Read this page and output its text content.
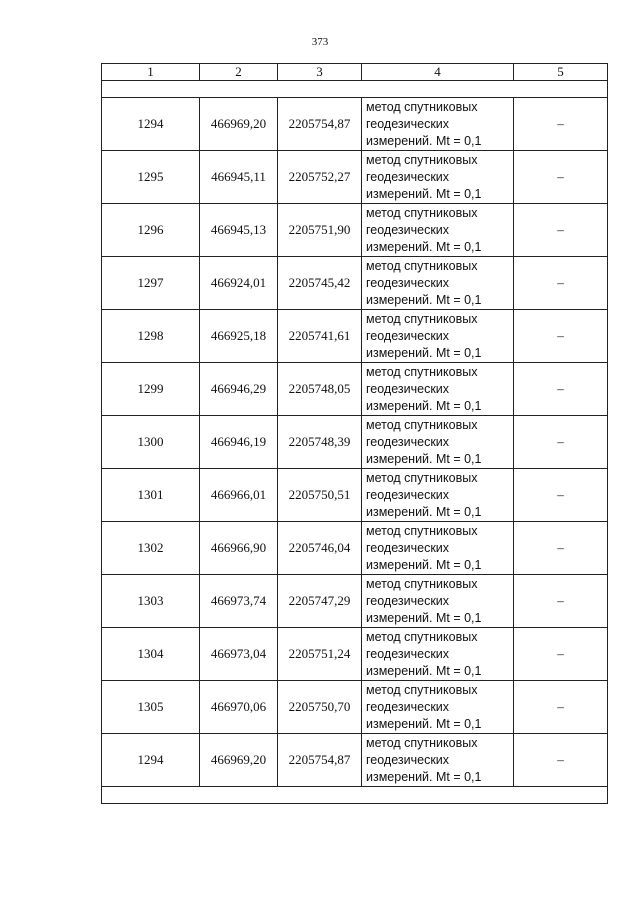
373
1	2	3	4	5

1294	466969,20	2205754,87	метод спутниковых
геодезических
измерений. Mt = 0,1	–
1295	466945,11	2205752,27	метод спутниковых
геодезических
измерений. Mt = 0,1	–
1296	466945,13	2205751,90	метод спутниковых
геодезических
измерений. Mt = 0,1	–
1297	466924,01	2205745,42	метод спутниковых
геодезических
измерений. Mt = 0,1	–
1298	466925,18	2205741,61	метод спутниковых
геодезических
измерений. Mt = 0,1	–
1299	466946,29	2205748,05	метод спутниковых
геодезических
измерений. Mt = 0,1	–
1300	466946,19	2205748,39	метод спутниковых
геодезических
измерений. Mt = 0,1	–
1301	466966,01	2205750,51	метод спутниковых
геодезических
измерений. Mt = 0,1	–
1302	466966,90	2205746,04	метод спутниковых
геодезических
измерений. Mt = 0,1	–
1303	466973,74	2205747,29	метод спутниковых
геодезических
измерений. Mt = 0,1	–
1304	466973,04	2205751,24	метод спутниковых
геодезических
измерений. Mt = 0,1	–
1305	466970,06	2205750,70	метод спутниковых
геодезических
измерений. Mt = 0,1	–
1294	466969,20	2205754,87	метод спутниковых
геодезических
измерений. Mt = 0,1	–
